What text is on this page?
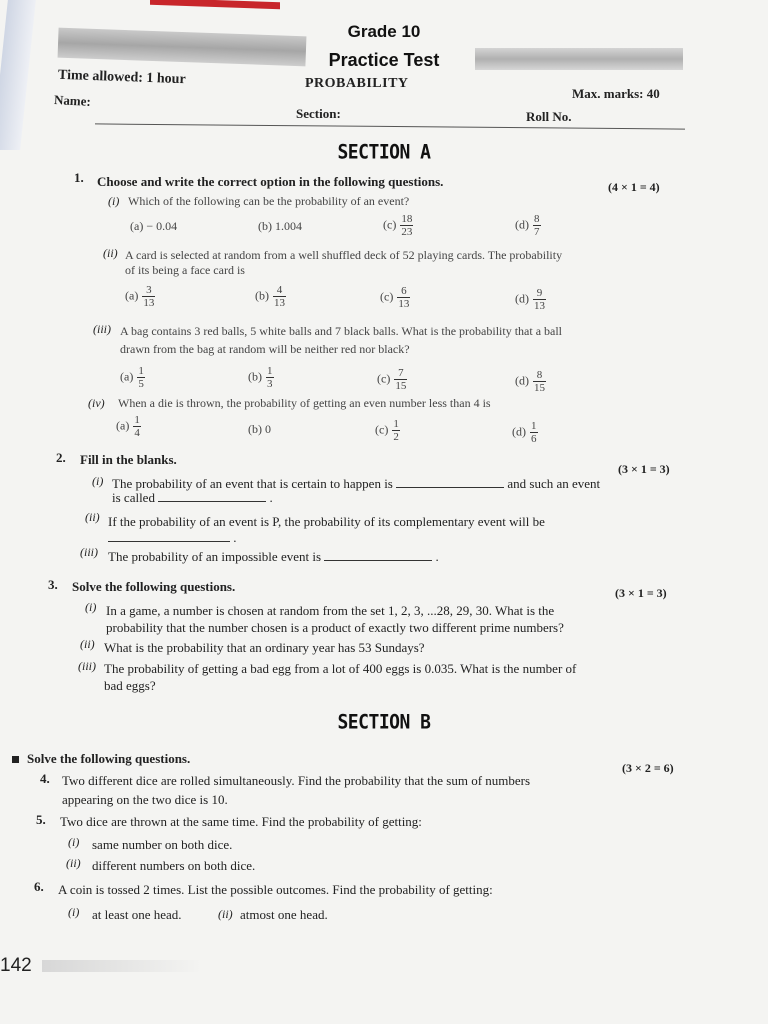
Grade 10
Practice Test
PROBABILITY
Time allowed: 1 hour
Max. marks: 40
Name:
Section:	Roll No.
SECTION A
1. Choose and write the correct option in the following questions.	(4 × 1 = 4)
(i) Which of the following can be the probability of an event?
(a) − 0.04	(b) 1.004	$(c) \frac{18}{23}$	$(d) \frac{8}{7}$
(ii) A card is selected at random from a well shuffled deck of 52 playing cards. The probability
of its being a face card is
$(a) \frac{3}{13}$	$(b) \frac{4}{13}$	$(c) \frac{6}{13}$	$(d) \frac{9}{13}$
(iii) A bag contains 3 red balls, 5 white balls and 7 black balls. What is the probability that a ball
drawn from the bag at random will be neither red nor black?
$(a) \frac{1}{5}$	$(b) \frac{1}{3}$	$(c) \frac{7}{15}$	$(d) \frac{8}{15}$
(iv) When a die is thrown, the probability of getting an even number less than 4 is
$(a) \frac{1}{4}$	(b) 0	$(c) \frac{1}{2}$	$(d) \frac{1}{6}$
2. Fill in the blanks.
(3 × 1 = 3)
(i) The probability of an event that is certain to happen is	and such an event
is called	.
(ii) If the probability of an event is P, the probability of its complementary event will be
.
(iii) The probability of an impossible event is	.
3. Solve the following questions.	(3 × 1 = 3)
(i) In a game, a number is chosen at random from the set 1, 2, 3, ...28, 29, 30. What is the
probability that the number chosen is a product of exactly two different prime numbers?
(ii) What is the probability that an ordinary year has 53 Sundays?
(iii) The probability of getting a bad egg from a lot of 400 eggs is 0.035. What is the number of
bad eggs?
SECTION B
Solve the following questions.
(3 × 2 = 6)
4. Two different dice are rolled simultaneously. Find the probability that the sum of numbers
appearing on the two dice is 10.
5. Two dice are thrown at the same time. Find the probability of getting:
(i) same number on both dice.
(ii) different numbers on both dice.
6. A coin is tossed 2 times. List the possible outcomes. Find the probability of getting:
(i) at least one head.	(ii) atmost one head.
142
